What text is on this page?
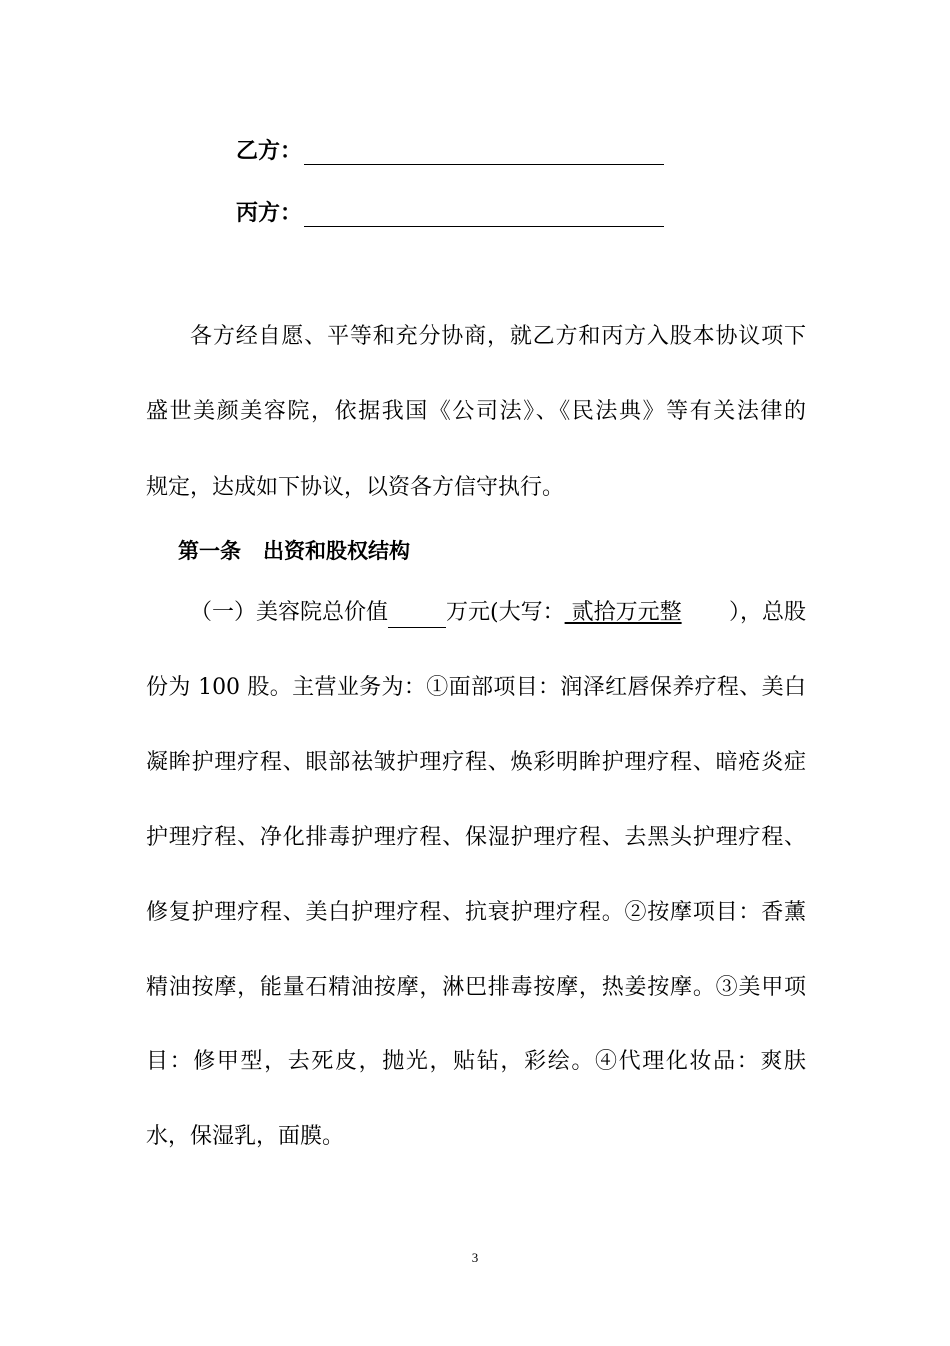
乙方：
丙方：
各方经自愿、平等和充分协商，就乙方和丙方入股本协议项下
盛世美颜美容院，依据我国《公司法》、《民法典》等有关法律的
规定，达成如下协议，以资各方信守执行。
第一条 出资和股权结构
（一）美容院总价值	万元(大写： 贰拾万元整 ），总股
份为 100 股。主营业务为：①面部项目：润泽红唇保养疗程、美白
凝眸护理疗程、眼部祛皱护理疗程、焕彩明眸护理疗程、暗疮炎症
护理疗程、净化排毒护理疗程、保湿护理疗程、去黑头护理疗程、
修复护理疗程、美白护理疗程、抗衰护理疗程。②按摩项目：香薰
精油按摩，能量石精油按摩，淋巴排毒按摩，热姜按摩。③美甲项
目：修甲型，去死皮，抛光，贴钻，彩绘。④代理化妆品：爽肤
水，保湿乳，面膜。
3
